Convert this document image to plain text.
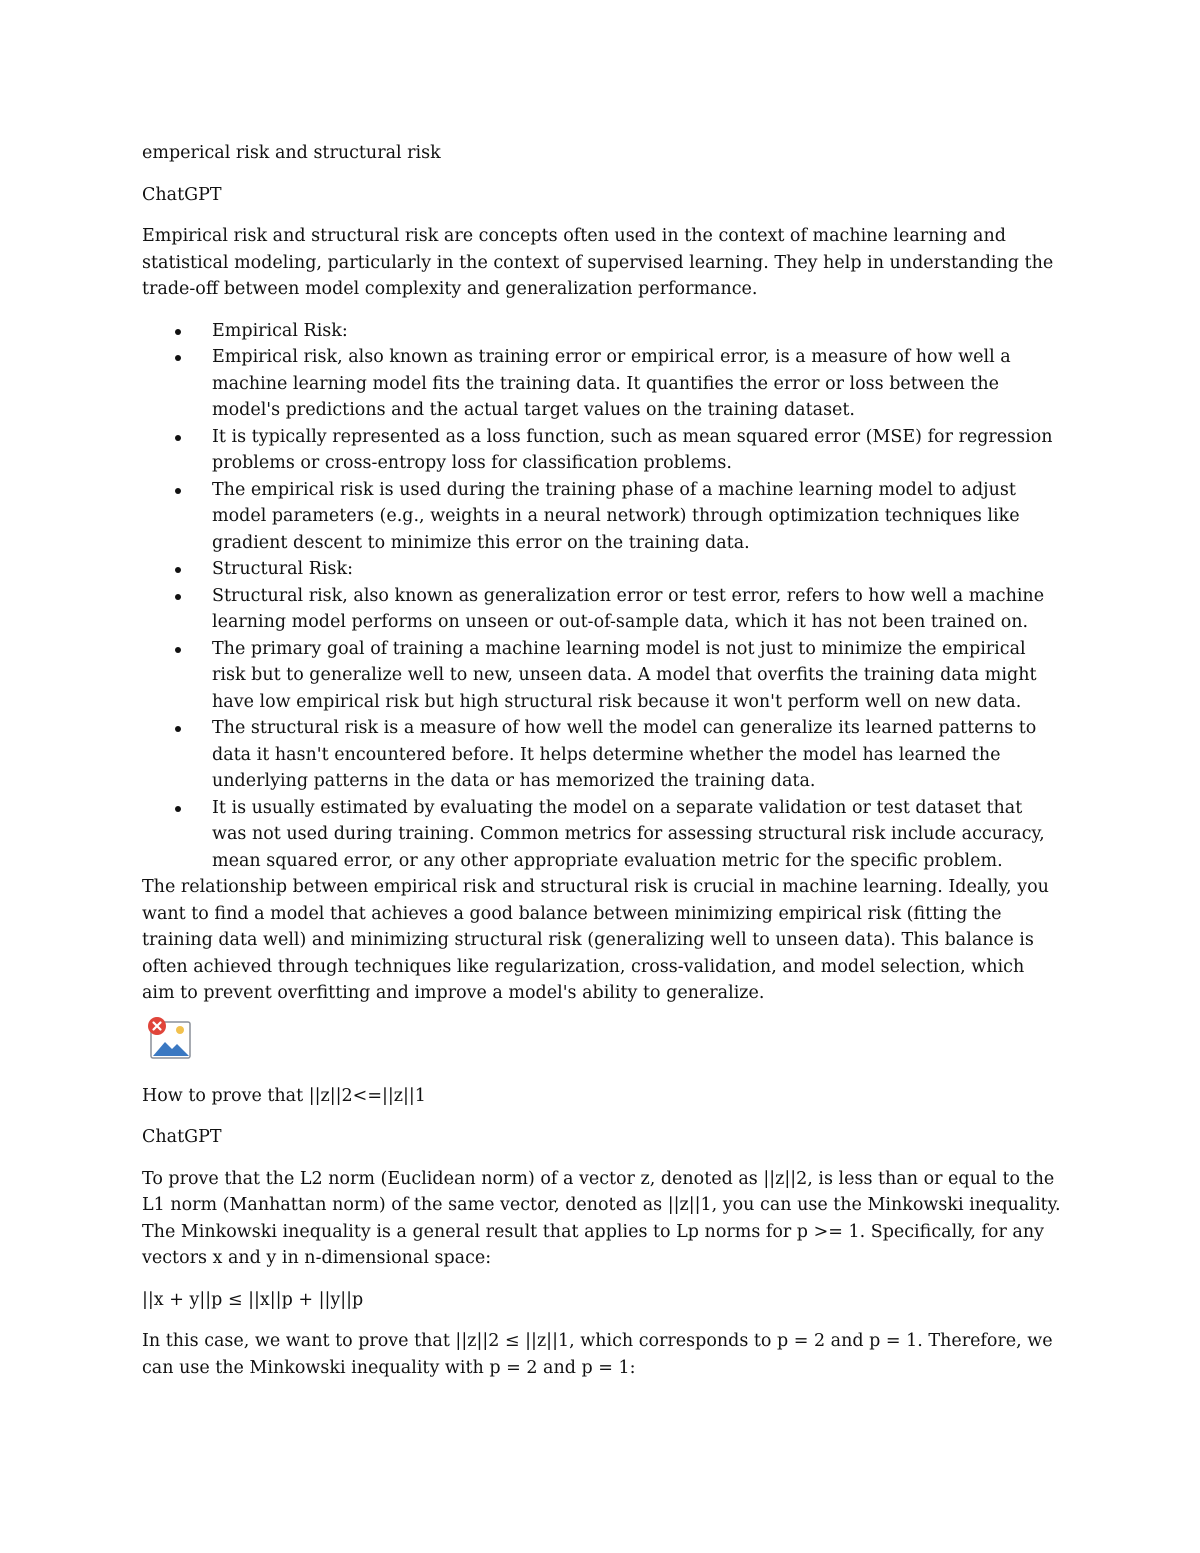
emperical risk and structural risk

ChatGPT

Empirical risk and structural risk are concepts often used in the context of machine learning and statistical modeling, particularly in the context of supervised learning. They help in understanding the trade-off between model complexity and generalization performance.

Empirical Risk:
Empirical risk, also known as training error or empirical error, is a measure of how well a machine learning model fits the training data. It quantifies the error or loss between the model's predictions and the actual target values on the training dataset.
It is typically represented as a loss function, such as mean squared error (MSE) for regression problems or cross-entropy loss for classification problems.
The empirical risk is used during the training phase of a machine learning model to adjust model parameters (e.g., weights in a neural network) through optimization techniques like gradient descent to minimize this error on the training data.
Structural Risk:
Structural risk, also known as generalization error or test error, refers to how well a machine learning model performs on unseen or out-of-sample data, which it has not been trained on.
The primary goal of training a machine learning model is not just to minimize the empirical risk but to generalize well to new, unseen data. A model that overfits the training data might have low empirical risk but high structural risk because it won't perform well on new data.
The structural risk is a measure of how well the model can generalize its learned patterns to data it hasn't encountered before. It helps determine whether the model has learned the underlying patterns in the data or has memorized the training data.
It is usually estimated by evaluating the model on a separate validation or test dataset that was not used during training. Common metrics for assessing structural risk include accuracy, mean squared error, or any other appropriate evaluation metric for the specific problem.

The relationship between empirical risk and structural risk is crucial in machine learning. Ideally, you want to find a model that achieves a good balance between minimizing empirical risk (fitting the training data well) and minimizing structural risk (generalizing well to unseen data). This balance is often achieved through techniques like regularization, cross-validation, and model selection, which aim to prevent overfitting and improve a model's ability to generalize.

How to prove that ||z||2<=||z||1

ChatGPT

To prove that the L2 norm (Euclidean norm) of a vector z, denoted as ||z||2, is less than or equal to the L1 norm (Manhattan norm) of the same vector, denoted as ||z||1, you can use the Minkowski inequality. The Minkowski inequality is a general result that applies to Lp norms for p >= 1. Specifically, for any vectors x and y in n-dimensional space:

||x + y||p ≤ ||x||p + ||y||p

In this case, we want to prove that ||z||2 ≤ ||z||1, which corresponds to p = 2 and p = 1. Therefore, we can use the Minkowski inequality with p = 2 and p = 1:
